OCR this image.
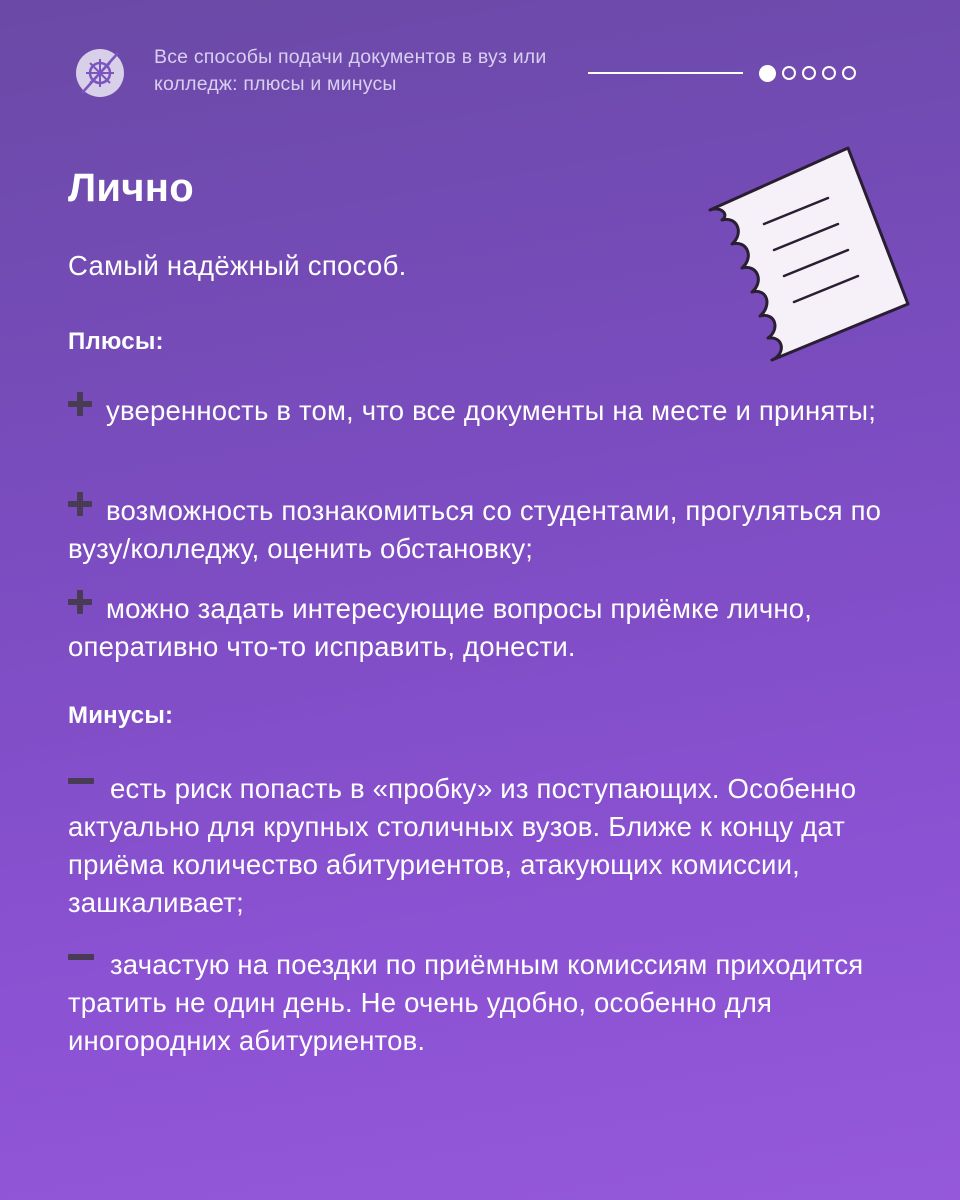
Все способы подачи документов в вуз или колледж: плюсы и минусы
Лично
Самый надёжный способ.
Плюсы:
уверенность в том, что все документы на месте и приняты;
возможность познакомиться со студентами, прогуляться по вузу/колледжу, оценить обстановку;
можно задать интересующие вопросы приёмке лично, оперативно что-то исправить, донести.
Минусы:
есть риск попасть в «пробку» из поступающих. Особенно актуально для крупных столичных вузов. Ближе к концу дат приёма количество абитуриентов, атакующих комиссии, зашкаливает;
зачастую на поездки по приёмным комиссиям приходится тратить не один день. Не очень удобно, особенно для иногородних абитуриентов.
